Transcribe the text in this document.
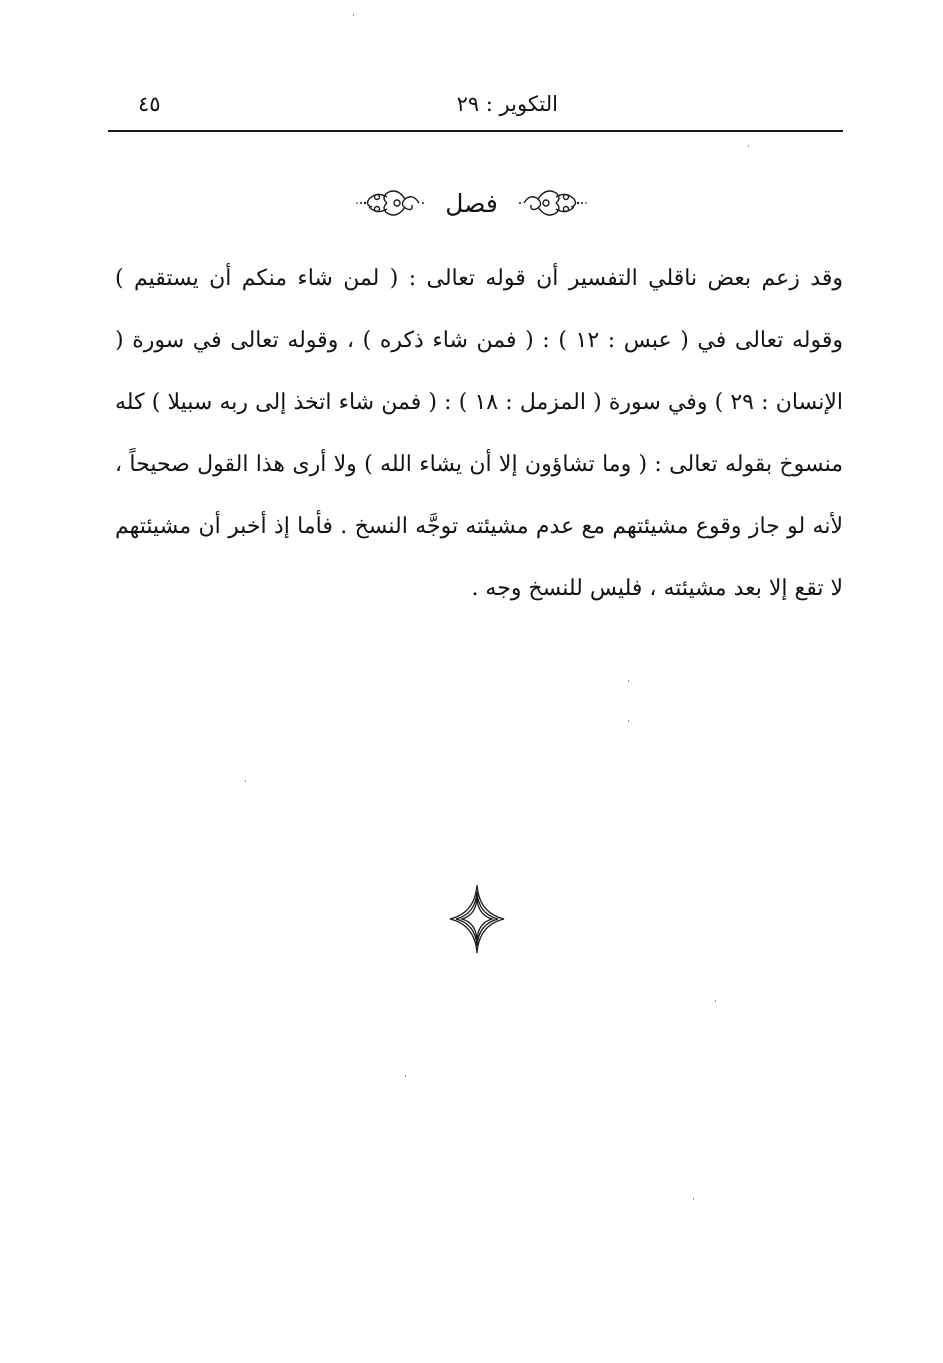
التكوير : ٢٩
٤٥
فصل

وقد زعم بعض ناقلي التفسير أن قوله تعالى : ( لمن شاء منكم أن يستقيم ) وقوله تعالى في ( عبس : ١٢ ) : ( فمن شاء ذكره ) ، وقوله تعالى في سورة ( الإنسان : ٢٩ ) وفي سورة ( المزمل : ١٨ ) : ( فمن شاء اتخذ إلى ربه سبيلا ) كله منسوخ بقوله تعالى : ( وما تشاؤون إلا أن يشاء الله ) ولا أرى هذا القول صحيحاً ، لأنه لو جاز وقوع مشيئتهم مع عدم مشيئته توجَّه النسخ . فأما إذ أخبر أن مشيئتهم لا تقع إلا بعد مشيئته ، فليس للنسخ وجه .
